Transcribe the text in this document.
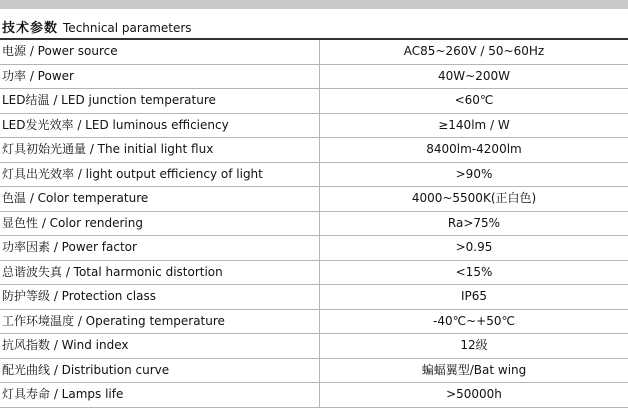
技术参数 Technical parameters
电源 / Power source	AC85~260V / 50~60Hz
功率 / Power	40W~200W
LED结温 / LED junction temperature	<60℃
LED发光效率 / LED luminous efficiency	≥140lm / W
灯具初始光通量 / The initial light flux	8400lm-4200lm
灯具出光效率 / light output efficiency of light	>90%
色温 / Color temperature	4000~5500K(正白色)
显色性 / Color rendering	Ra>75%
功率因素 / Power factor	>0.95
总谐波失真 / Total harmonic distortion	<15%
防护等级 / Protection class	IP65
工作环境温度 / Operating temperature	-40℃~+50℃
抗风指数 / Wind index	12级
配光曲线 / Distribution curve	蝙蝠翼型/Bat wing
灯具寿命 / Lamps life	>50000h
